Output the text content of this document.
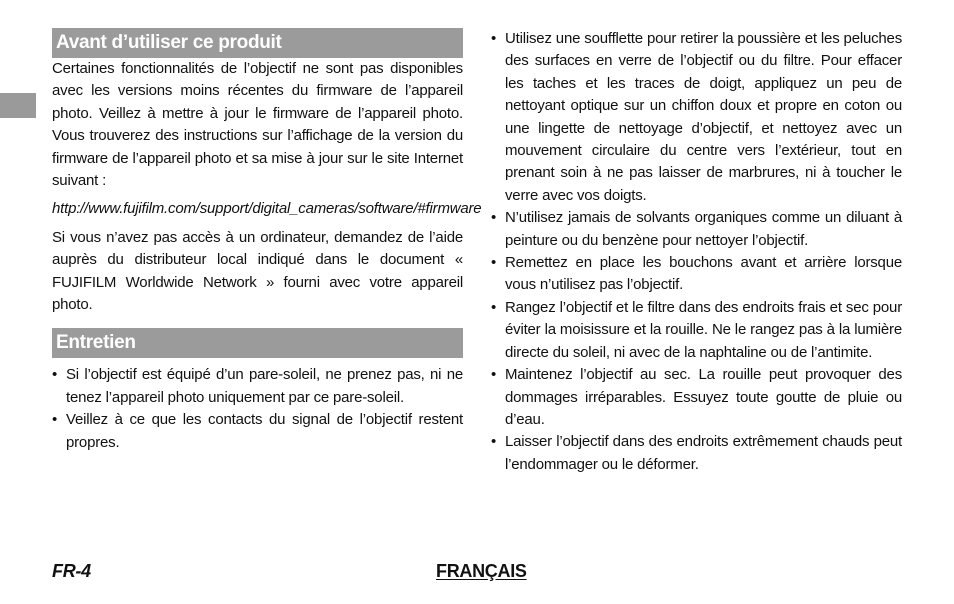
Avant d’utiliser ce produit

Certaines fonctionnalités de l’objectif ne sont pas disponibles avec les versions moins récentes du firmware de l’appareil photo. Veillez à mettre à jour le firmware de l’appareil photo. Vous trouverez des instructions sur l’affichage de la version du firmware de l’appareil photo et sa mise à jour sur le site Internet suivant :

http://www.fujifilm.com/support/digital_cameras/software/#firmware

Si vous n’avez pas accès à un ordinateur, demandez de l’aide auprès du distributeur local indiqué dans le document « FUJIFILM Worldwide Network » fourni avec votre appareil photo.

Entretien
• Si l’objectif est équipé d’un pare-soleil, ne prenez pas, ni ne tenez l’appareil photo uniquement par ce pare-soleil.
• Veillez à ce que les contacts du signal de l’objectif restent propres.
• Utilisez une soufflette pour retirer la poussière et les peluches des surfaces en verre de l’objectif ou du filtre. Pour effacer les taches et les traces de doigt, appliquez un peu de nettoyant optique sur un chiffon doux et propre en coton ou une lingette de nettoyage d’objectif, et nettoyez avec un mouvement circulaire du centre vers l’extérieur, tout en prenant soin à ne pas laisser de marbrures, ni à toucher le verre avec vos doigts.
• N’utilisez jamais de solvants organiques comme un diluant à peinture ou du benzène pour nettoyer l’objectif.
• Remettez en place les bouchons avant et arrière lorsque vous n’utilisez pas l’objectif.
• Rangez l’objectif et le filtre dans des endroits frais et sec pour éviter la moisissure et la rouille. Ne le rangez pas à la lumière directe du soleil, ni avec de la naphtaline ou de l’antimite.
• Maintenez l’objectif au sec. La rouille peut provoquer des dommages irréparables. Essuyez toute goutte de pluie ou d’eau.
• Laisser l’objectif dans des endroits extrêmement chauds peut l’endommager ou le déformer.
FR-4	FRANÇAIS
